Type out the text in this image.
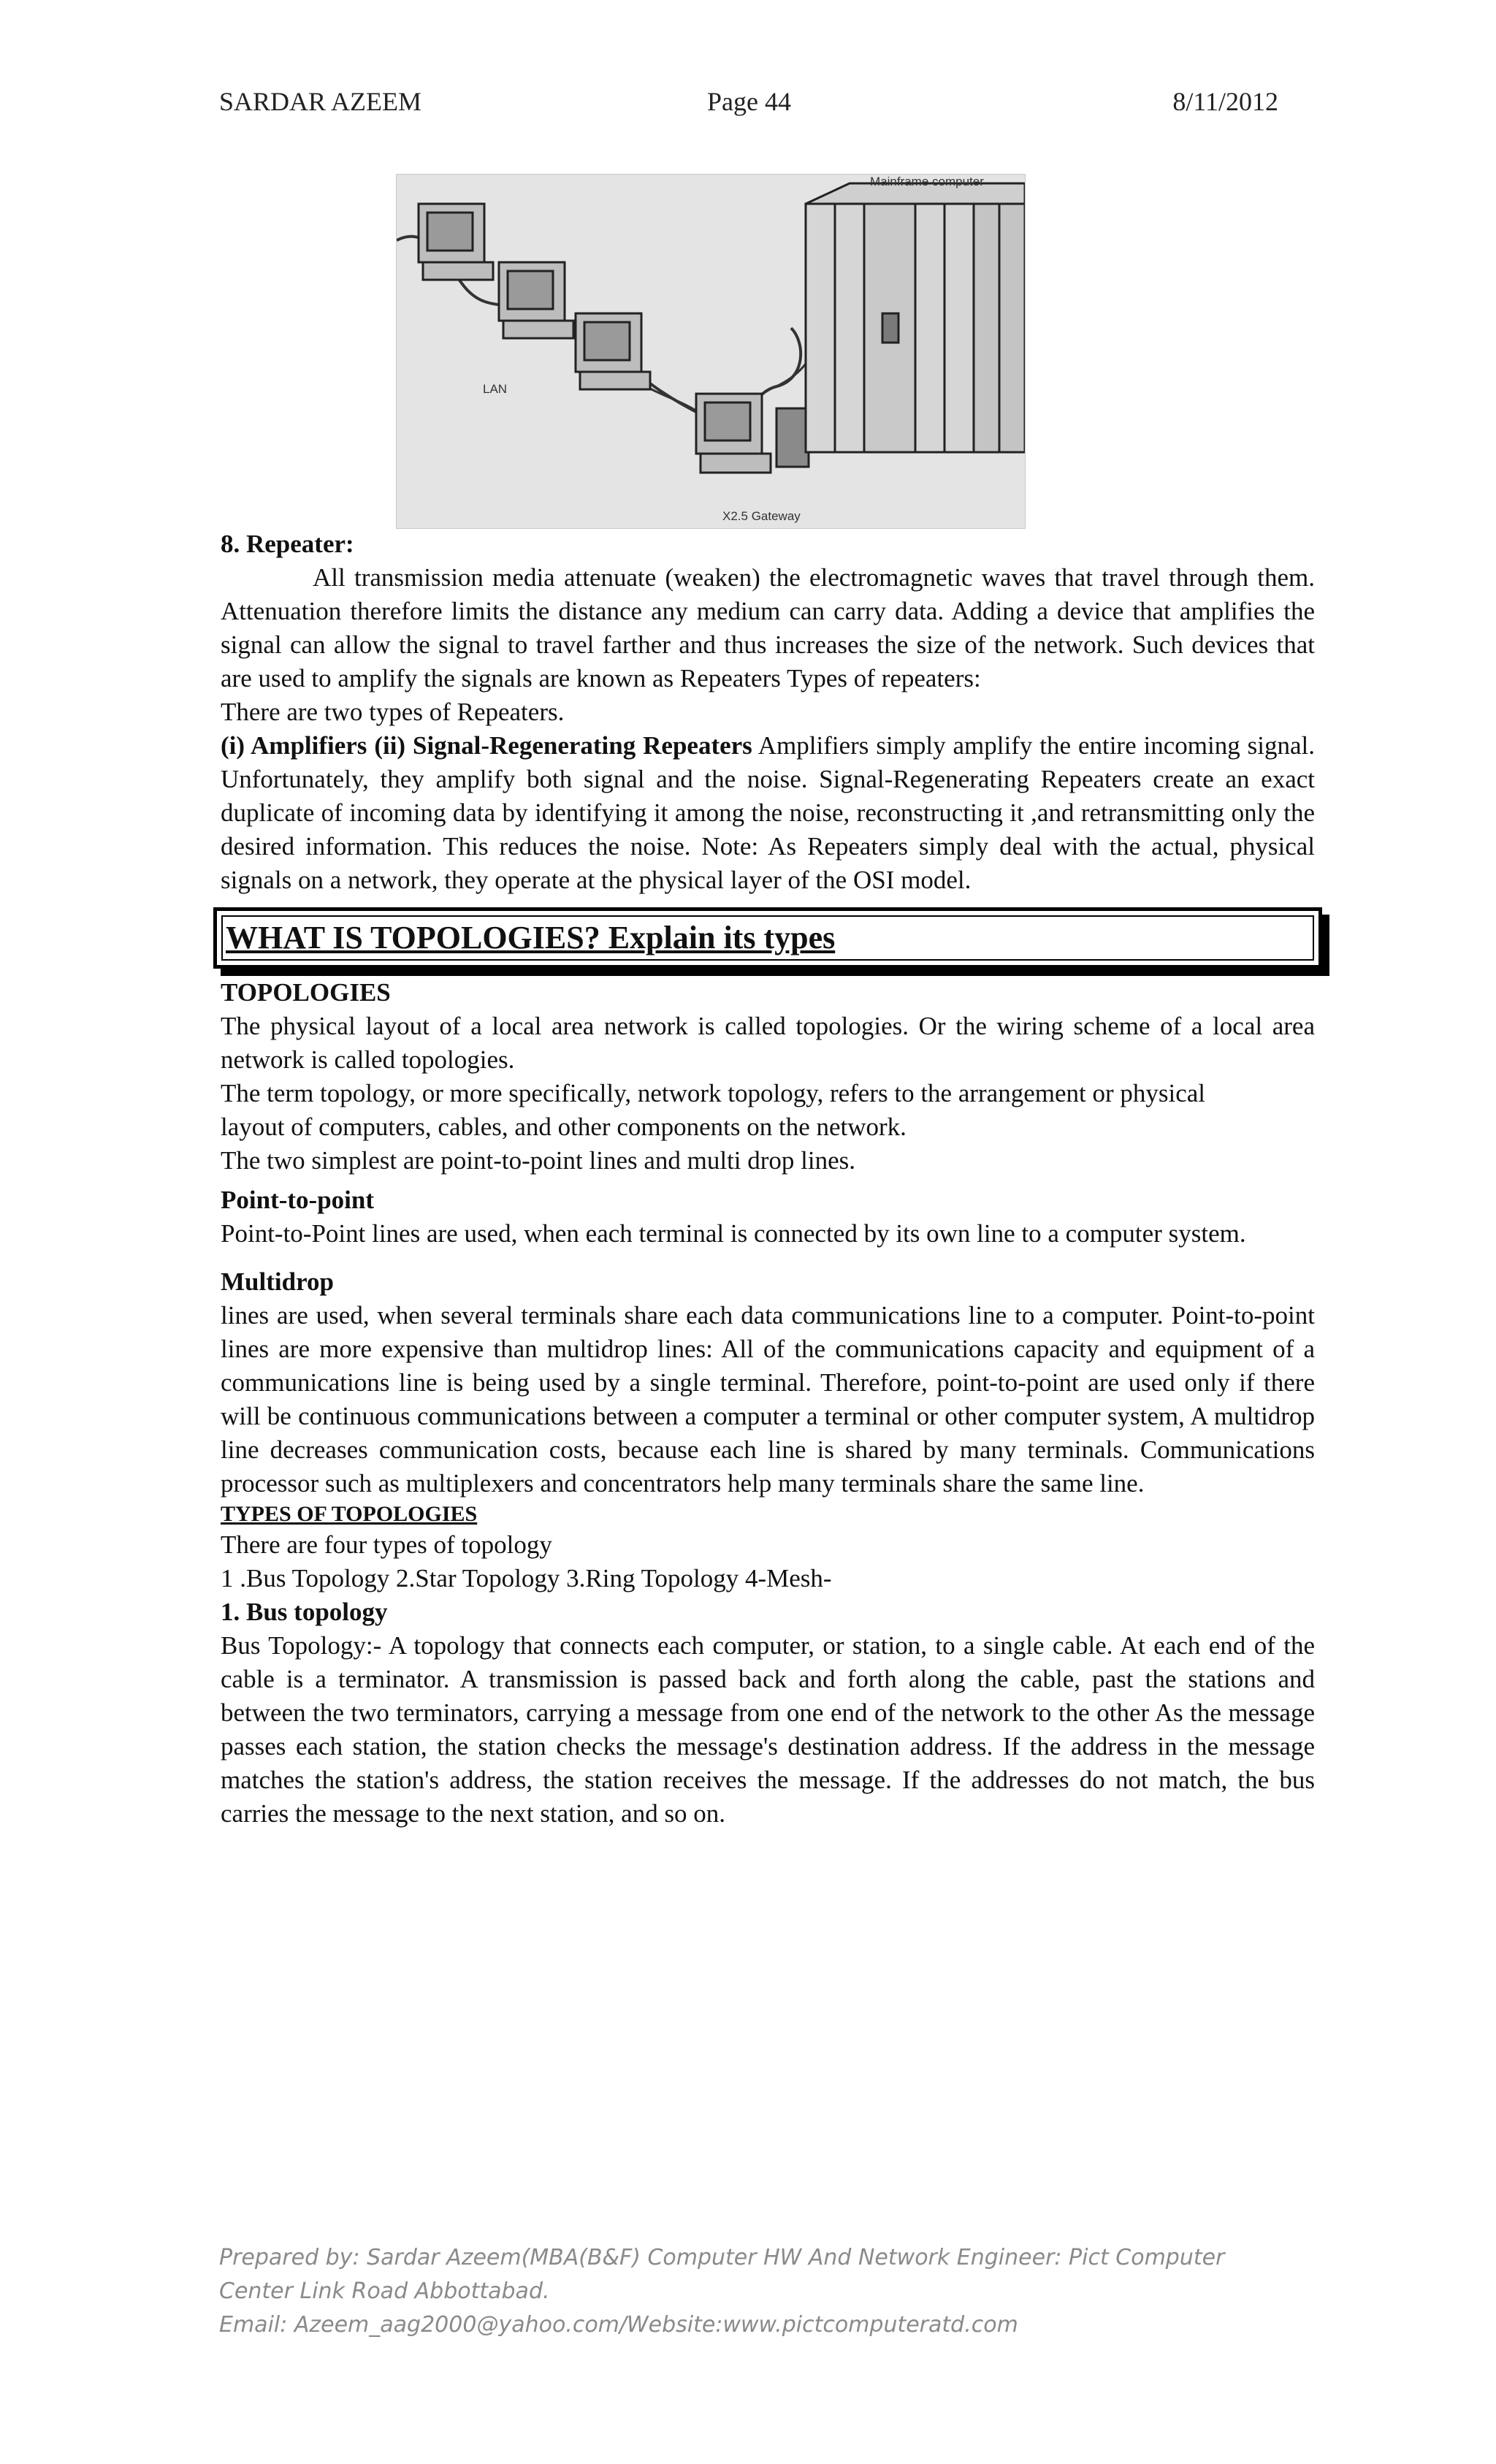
SARDAR AZEEM	Page 44	8/11/2012
Mainframe computer
LAN
X2.5 Gateway

8. Repeater:

All transmission media attenuate (weaken) the electromagnetic waves that travel through them. Attenuation therefore limits the distance any medium can carry data. Adding a device that amplifies the signal can allow the signal to travel farther and thus increases the size of the network. Such devices that are used to amplify the signals are known as Repeaters Types of repeaters:

There are two types of Repeaters.

(i) Amplifiers (ii) Signal-Regenerating Repeaters Amplifiers simply amplify the entire incoming signal. Unfortunately, they amplify both signal and the noise. Signal-Regenerating Repeaters create an exact duplicate of incoming data by identifying it among the noise, reconstructing it ,and retransmitting only the desired information. This reduces the noise. Note: As Repeaters simply deal with the actual, physical signals on a network, they operate at the physical layer of the OSI model.

WHAT IS TOPOLOGIES? Explain its types

TOPOLOGIES

The physical layout of a local area network is called topologies. Or the wiring scheme of a local area network is called topologies.

The term topology, or more specifically, network topology, refers to the arrangement or physical

layout of computers, cables, and other components on the network.

The two simplest are point-to-point lines and multi drop lines.

Point-to-point

Point-to-Point lines are used, when each terminal is connected by its own line to a computer system.

Multidrop

lines are used, when several terminals share each data communications line to a computer. Point-to-point lines are more expensive than multidrop lines: All of the communications capacity and equipment of a communications line is being used by a single terminal. Therefore, point-to-point are used only if there will be continuous communications between a computer a terminal or other computer system, A multidrop line decreases communication costs, because each line is shared by many terminals. Communications processor such as multiplexers and concentrators help many terminals share the same line.

TYPES OF TOPOLOGIES

There are four types of topology

1 .Bus Topology 2.Star Topology 3.Ring Topology 4-Mesh-

1. Bus topology

Bus Topology:- A topology that connects each computer, or station, to a single cable. At each end of the cable is a terminator. A transmission is passed back and forth along the cable, past the stations and between the two terminators, carrying a message from one end of the network to the other As the message passes each station, the station checks the message's destination address. If the address in the message matches the station's address, the station receives the message. If the addresses do not match, the bus carries the message to the next station, and so on.

Prepared by: Sardar Azeem(MBA(B&F) Computer HW And Network Engineer: Pict Computer

Center Link Road Abbottabad.

Email: Azeem_aag2000@yahoo.com/Website:www.pictcomputeratd.com
